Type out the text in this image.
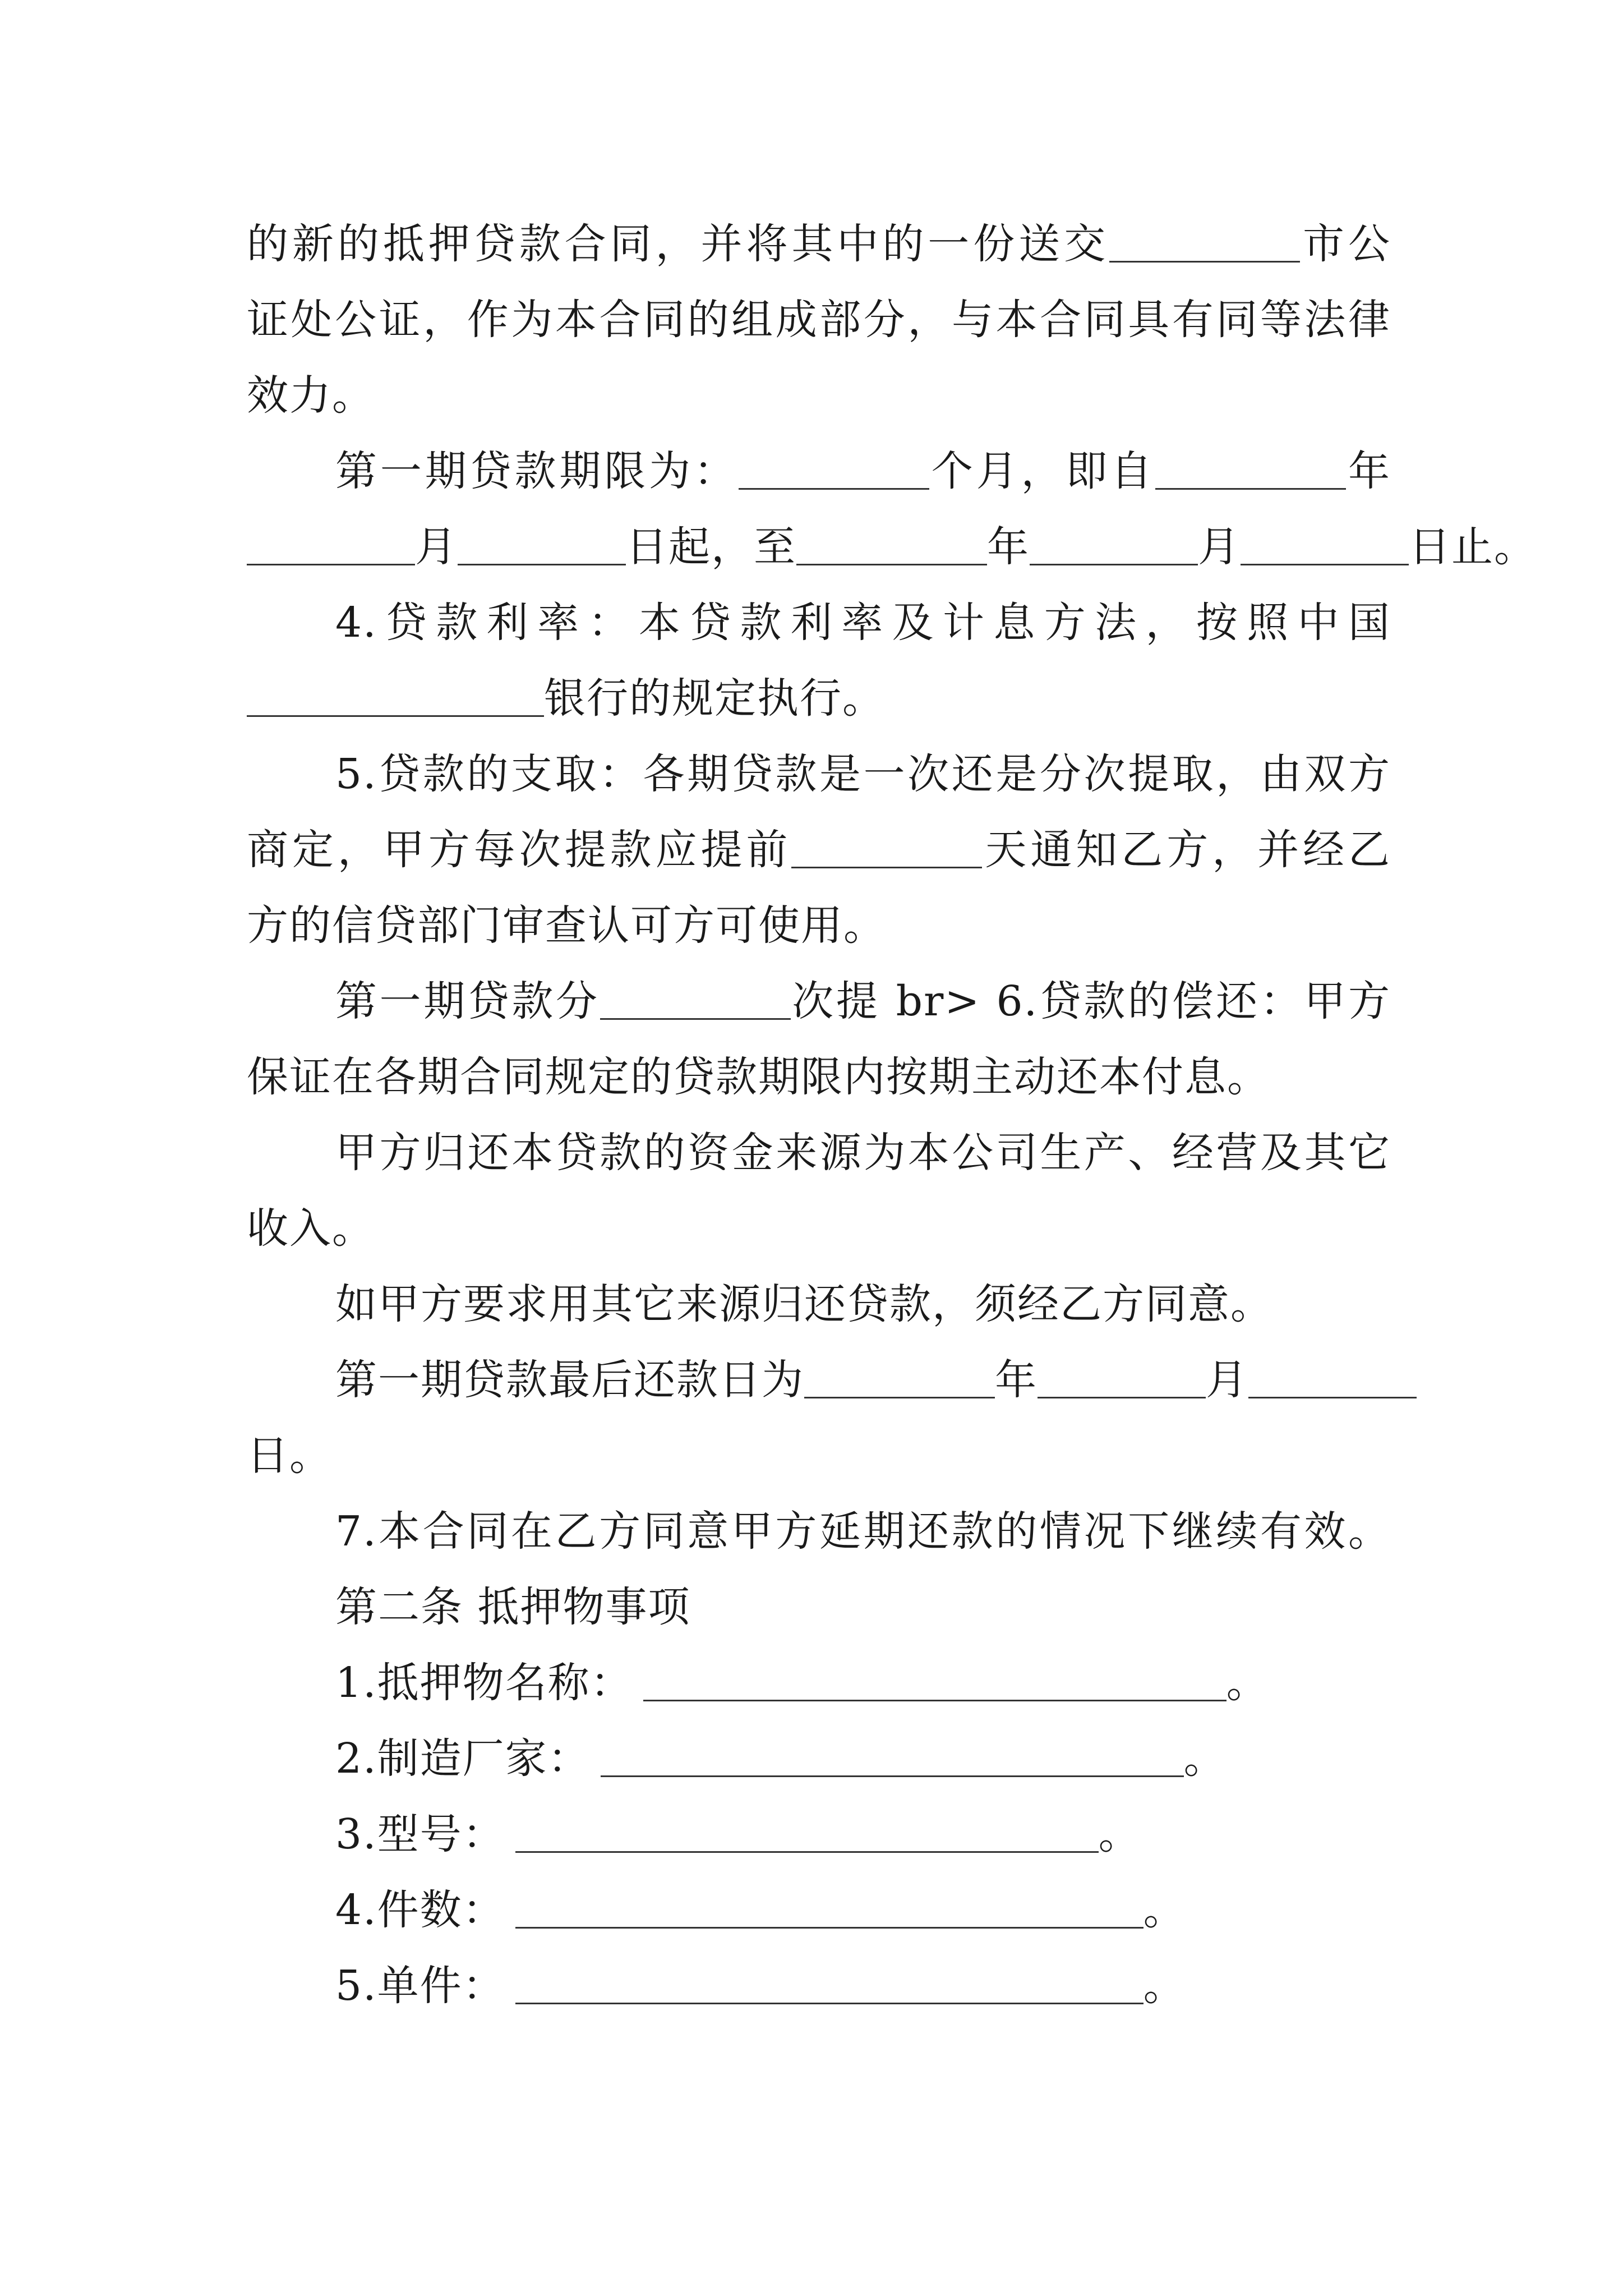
的新的抵押贷款合同，并将其中的一份送交	市公
证处公证，作为本合同的组成部分，与本合同具有同等法律
效力。
第一期贷款期限为：	个月，即自	年
月	日起，至	年	月	日止。
4.贷款利率：本贷款利率及计息方法，按照中国
银行的规定执行。
5.贷款的支取：各期贷款是一次还是分次提取，由双方
商定，甲方每次提款应提前	天通知乙方，并经乙
方的信贷部门审查认可方可使用。
第一期贷款分	次提 br> 6.贷款的偿还：甲方
保证在各期合同规定的贷款期限内按期主动还本付息。
甲方归还本贷款的资金来源为本公司生产、经营及其它
收入。
如甲方要求用其它来源归还贷款，须经乙方同意。
第一期贷款最后还款日为	年	月
日。
7.本合同在乙方同意甲方延期还款的情况下继续有效。
第二条 抵押物事项
1.抵押物名称：	。
2.制造厂家：	。
3.型号：	。
4.件数：	。
5.单件：	。
